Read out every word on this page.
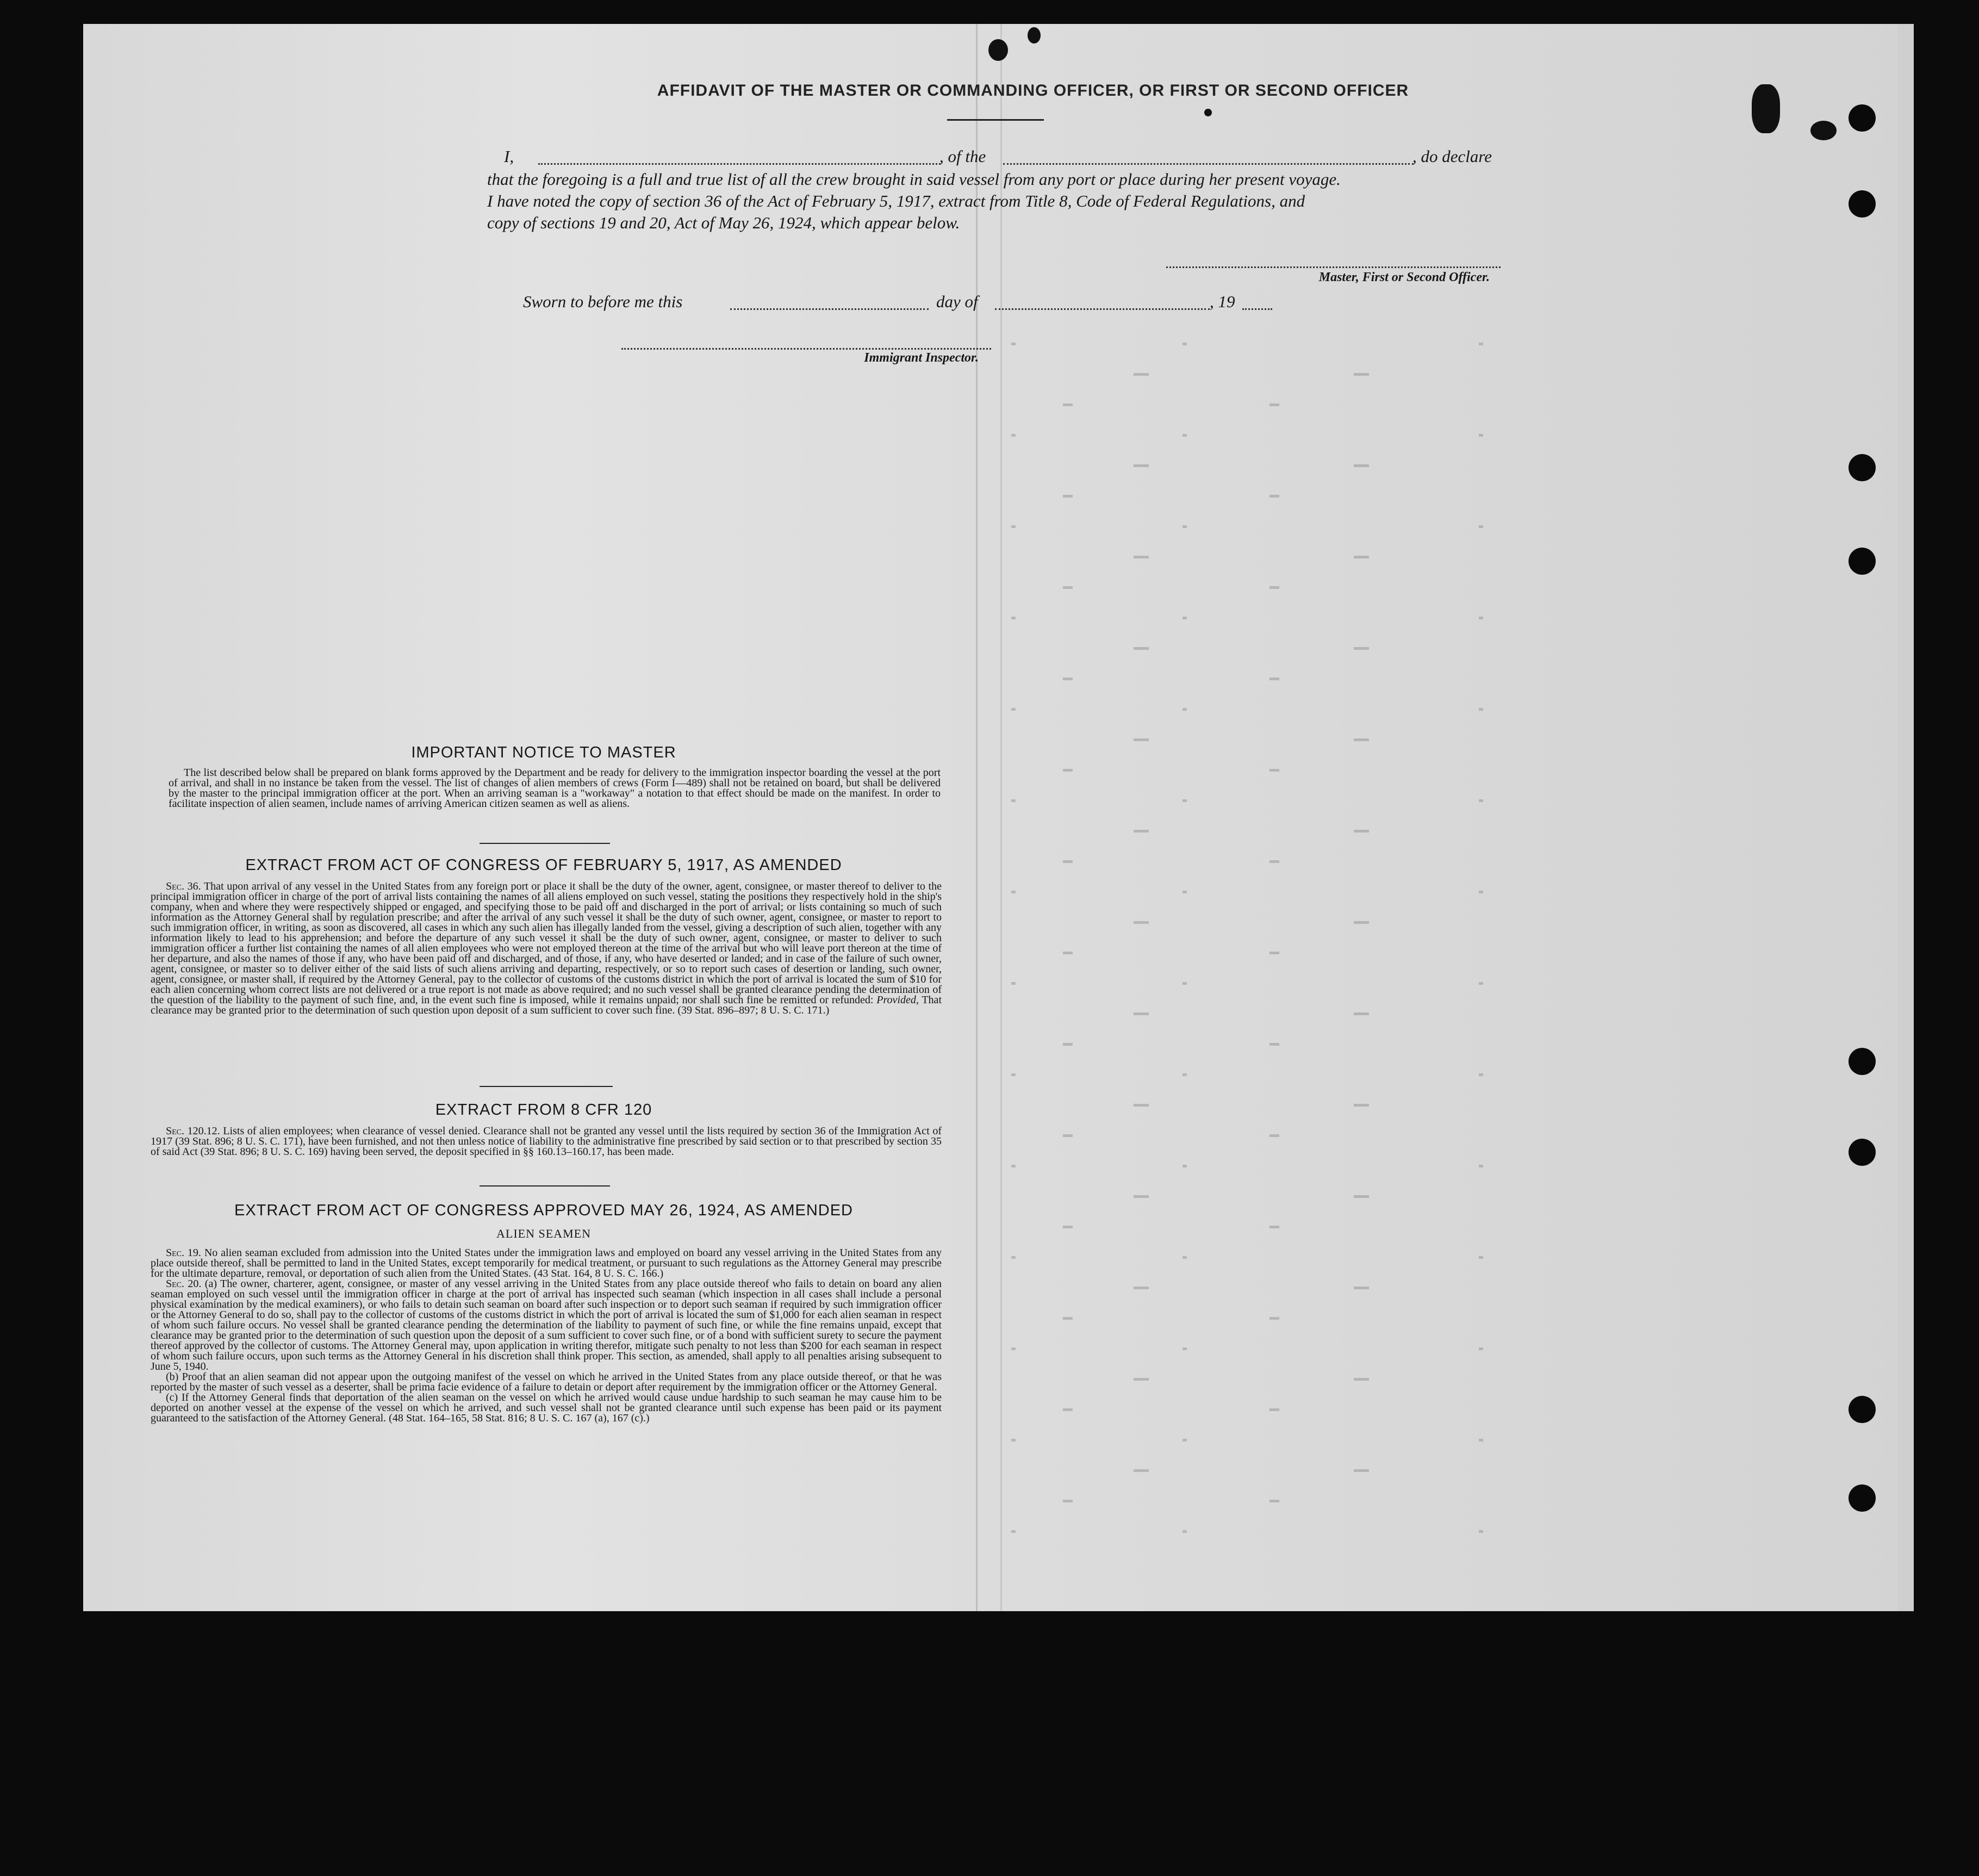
AFFIDAVIT OF THE MASTER OR COMMANDING OFFICER, OR FIRST OR SECOND OFFICER
I,	, of the	, do declare
that the foregoing is a full and true list of all the crew brought in said vessel from any port or place during her present voyage.
I have noted the copy of section 36 of the Act of February 5, 1917, extract from Title 8, Code of Federal Regulations, and
copy of sections 19 and 20, Act of May 26, 1924, which appear below.
Master, First or Second Officer.
Sworn to before me this	day of	, 19
Immigrant Inspector.
IMPORTANT NOTICE TO MASTER
The list described below shall be prepared on blank forms approved by the Department and be ready for delivery to the immigration inspector boarding the vessel at the port of arrival, and shall in no instance be taken from the vessel. The list of changes of alien members of crews (Form I—489) shall not be retained on board, but shall be delivered by the master to the principal immigration officer at the port. When an arriving seaman is a "workaway" a notation to that effect should be made on the manifest. In order to facilitate inspection of alien seamen, include names of arriving American citizen seamen as well as aliens.
EXTRACT FROM ACT OF CONGRESS OF FEBRUARY 5, 1917, AS AMENDED
Sec. 36. That upon arrival of any vessel in the United States from any foreign port or place it shall be the duty of the owner, agent, consignee, or master thereof to deliver to the principal immigration officer in charge of the port of arrival lists containing the names of all aliens employed on such vessel, stating the positions they respectively hold in the ship's company, when and where they were respectively shipped or engaged, and specifying those to be paid off and discharged in the port of arrival; or lists containing so much of such information as the Attorney General shall by regulation prescribe; and after the arrival of any such vessel it shall be the duty of such owner, agent, consignee, or master to report to such immigration officer, in writing, as soon as discovered, all cases in which any such alien has illegally landed from the vessel, giving a description of such alien, together with any information likely to lead to his apprehension; and before the departure of any such vessel it shall be the duty of such owner, agent, consignee, or master to deliver to such immigration officer a further list containing the names of all alien employees who were not employed thereon at the time of the arrival but who will leave port thereon at the time of her departure, and also the names of those if any, who have been paid off and discharged, and of those, if any, who have deserted or landed; and in case of the failure of such owner, agent, consignee, or master so to deliver either of the said lists of such aliens arriving and departing, respectively, or so to report such cases of desertion or landing, such owner, agent, consignee, or master shall, if required by the Attorney General, pay to the collector of customs of the customs district in which the port of arrival is located the sum of $10 for each alien concerning whom correct lists are not delivered or a true report is not made as above required; and no such vessel shall be granted clearance pending the determination of the question of the liability to the payment of such fine, and, in the event such fine is imposed, while it remains unpaid; nor shall such fine be remitted or refunded: Provided, That clearance may be granted prior to the determination of such question upon deposit of a sum sufficient to cover such fine. (39 Stat. 896–897; 8 U. S. C. 171.)
EXTRACT FROM 8 CFR 120
Sec. 120.12. Lists of alien employees; when clearance of vessel denied. Clearance shall not be granted any vessel until the lists required by section 36 of the Immigration Act of 1917 (39 Stat. 896; 8 U. S. C. 171), have been furnished, and not then unless notice of liability to the administrative fine prescribed by said section or to that prescribed by section 35 of said Act (39 Stat. 896; 8 U. S. C. 169) having been served, the deposit specified in §§ 160.13–160.17, has been made.
EXTRACT FROM ACT OF CONGRESS APPROVED MAY 26, 1924, AS AMENDED
ALIEN SEAMEN
Sec. 19. No alien seaman excluded from admission into the United States under the immigration laws and employed on board any vessel arriving in the United States from any place outside thereof, shall be permitted to land in the United States, except temporarily for medical treatment, or pursuant to such regulations as the Attorney General may prescribe for the ultimate departure, removal, or deportation of such alien from the United States. (43 Stat. 164, 8 U. S. C. 166.)
Sec. 20. (a) The owner, charterer, agent, consignee, or master of any vessel arriving in the United States from any place outside thereof who fails to detain on board any alien seaman employed on such vessel until the immigration officer in charge at the port of arrival has inspected such seaman (which inspection in all cases shall include a personal physical examination by the medical examiners), or who fails to detain such seaman on board after such inspection or to deport such seaman if required by such immigration officer or the Attorney General to do so, shall pay to the collector of customs of the customs district in which the port of arrival is located the sum of $1,000 for each alien seaman in respect of whom such failure occurs. No vessel shall be granted clearance pending the determination of the liability to payment of such fine, or while the fine remains unpaid, except that clearance may be granted prior to the determination of such question upon the deposit of a sum sufficient to cover such fine, or of a bond with sufficient surety to secure the payment thereof approved by the collector of customs. The Attorney General may, upon application in writing therefor, mitigate such penalty to not less than $200 for each seaman in respect of whom such failure occurs, upon such terms as the Attorney General in his discretion shall think proper. This section, as amended, shall apply to all penalties arising subsequent to June 5, 1940.
(b) Proof that an alien seaman did not appear upon the outgoing manifest of the vessel on which he arrived in the United States from any place outside thereof, or that he was reported by the master of such vessel as a deserter, shall be prima facie evidence of a failure to detain or deport after requirement by the immigration officer or the Attorney General.
(c) If the Attorney General finds that deportation of the alien seaman on the vessel on which he arrived would cause undue hardship to such seaman he may cause him to be deported on another vessel at the expense of the vessel on which he arrived, and such vessel shall not be granted clearance until such expense has been paid or its payment guaranteed to the satisfaction of the Attorney General. (48 Stat. 164–165, 58 Stat. 816; 8 U. S. C. 167 (a), 167 (c).)
